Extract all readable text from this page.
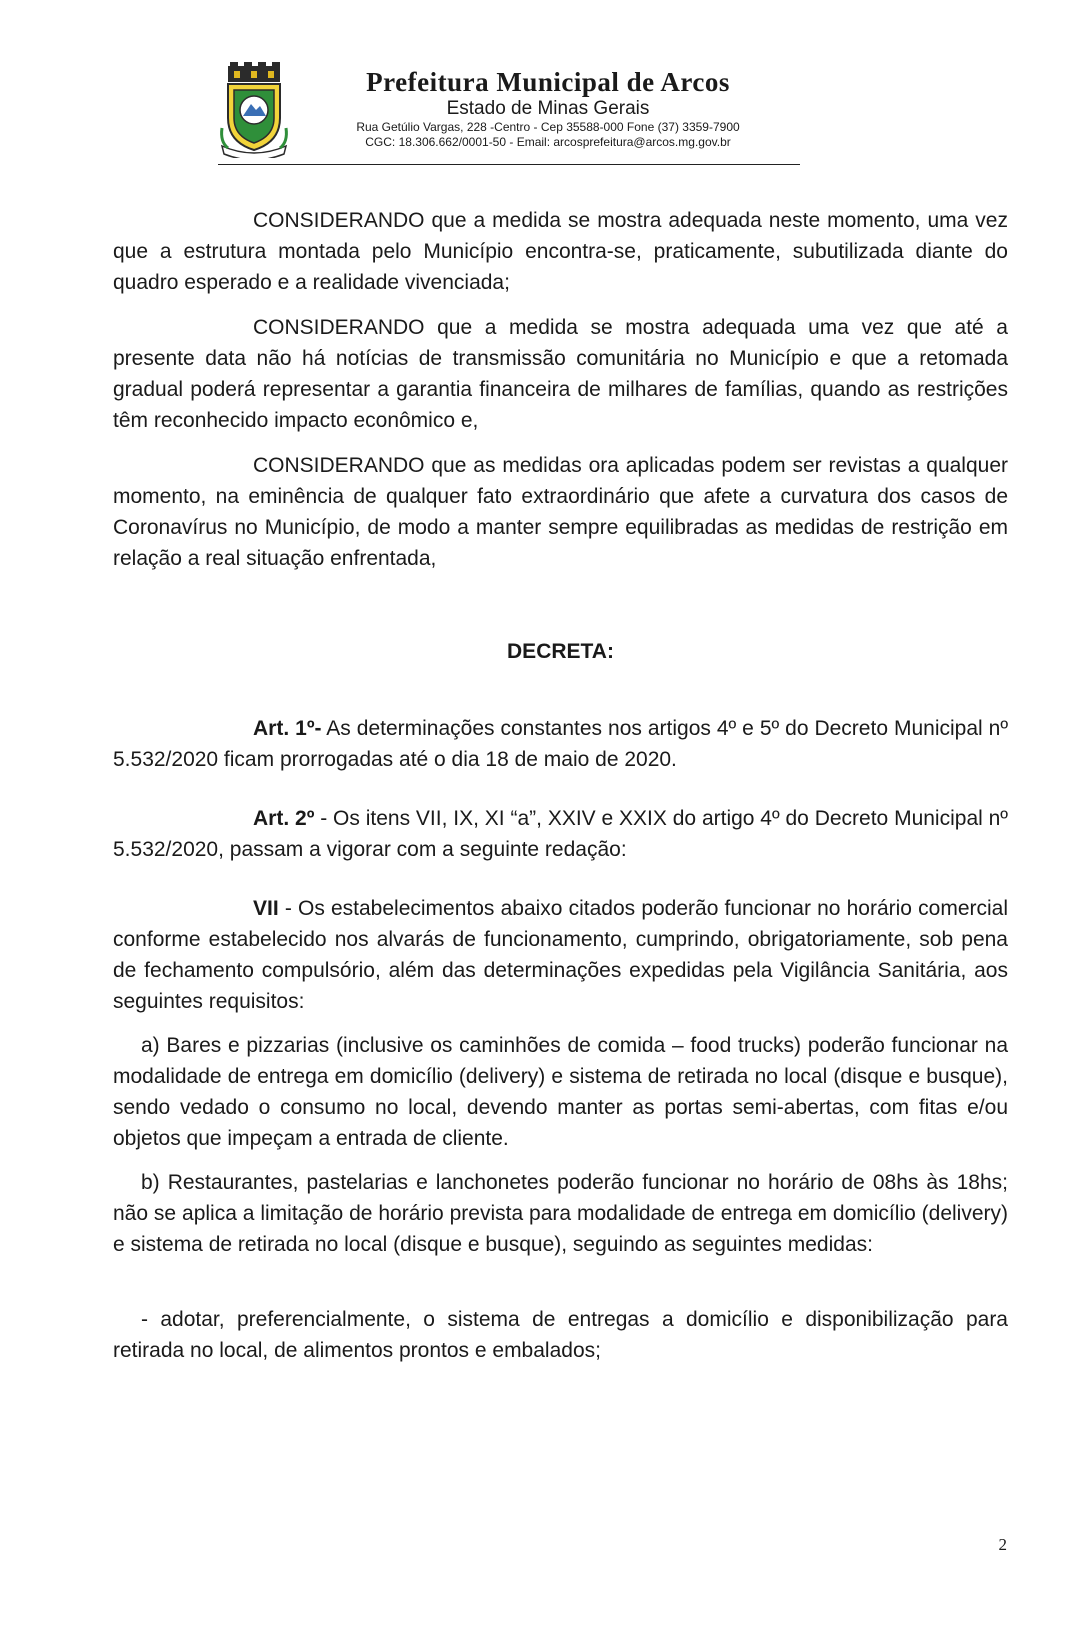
Prefeitura Municipal de Arcos
Estado de Minas Gerais
Rua Getúlio Vargas, 228 -Centro - Cep 35588-000 Fone (37) 3359-7900
CGC: 18.306.662/0001-50 - Email: arcosprefeitura@arcos.mg.gov.br

CONSIDERANDO que a medida se mostra adequada neste momento, uma vez que a estrutura montada pelo Município encontra-se, praticamente, subutilizada diante do quadro esperado e a realidade vivenciada;

CONSIDERANDO que a medida se mostra adequada uma vez que até a presente data não há notícias de transmissão comunitária no Município e que a retomada gradual poderá representar a garantia financeira de milhares de famílias, quando as restrições têm reconhecido impacto econômico e,

CONSIDERANDO que as medidas ora aplicadas podem ser revistas a qualquer momento, na eminência de qualquer fato extraordinário que afete a curvatura dos casos de Coronavírus no Município, de modo a manter sempre equilibradas as medidas de restrição em relação a real situação enfrentada,

DECRETA:

Art. 1º- As determinações constantes nos artigos 4º e 5º do Decreto Municipal nº 5.532/2020 ficam prorrogadas até o dia 18 de maio de 2020.

Art. 2º - Os itens VII, IX, XI “a”, XXIV e XXIX do artigo 4º do Decreto Municipal nº 5.532/2020, passam a vigorar com a seguinte redação:

VII - Os estabelecimentos abaixo citados poderão funcionar no horário comercial conforme estabelecido nos alvarás de funcionamento, cumprindo, obrigatoriamente, sob pena de fechamento compulsório, além das determinações expedidas pela Vigilância Sanitária, aos seguintes requisitos:

a) Bares e pizzarias (inclusive os caminhões de comida – food trucks) poderão funcionar na modalidade de entrega em domicílio (delivery) e sistema de retirada no local (disque e busque), sendo vedado o consumo no local, devendo manter as portas semi-abertas, com fitas e/ou objetos que impeçam a entrada de cliente.

b) Restaurantes, pastelarias e lanchonetes poderão funcionar no horário de 08hs às 18hs; não se aplica a limitação de horário prevista para modalidade de entrega em domicílio (delivery) e sistema de retirada no local (disque e busque), seguindo as seguintes medidas:

- adotar, preferencialmente, o sistema de entregas a domicílio e disponibilização para retirada no local, de alimentos prontos e embalados;

2
